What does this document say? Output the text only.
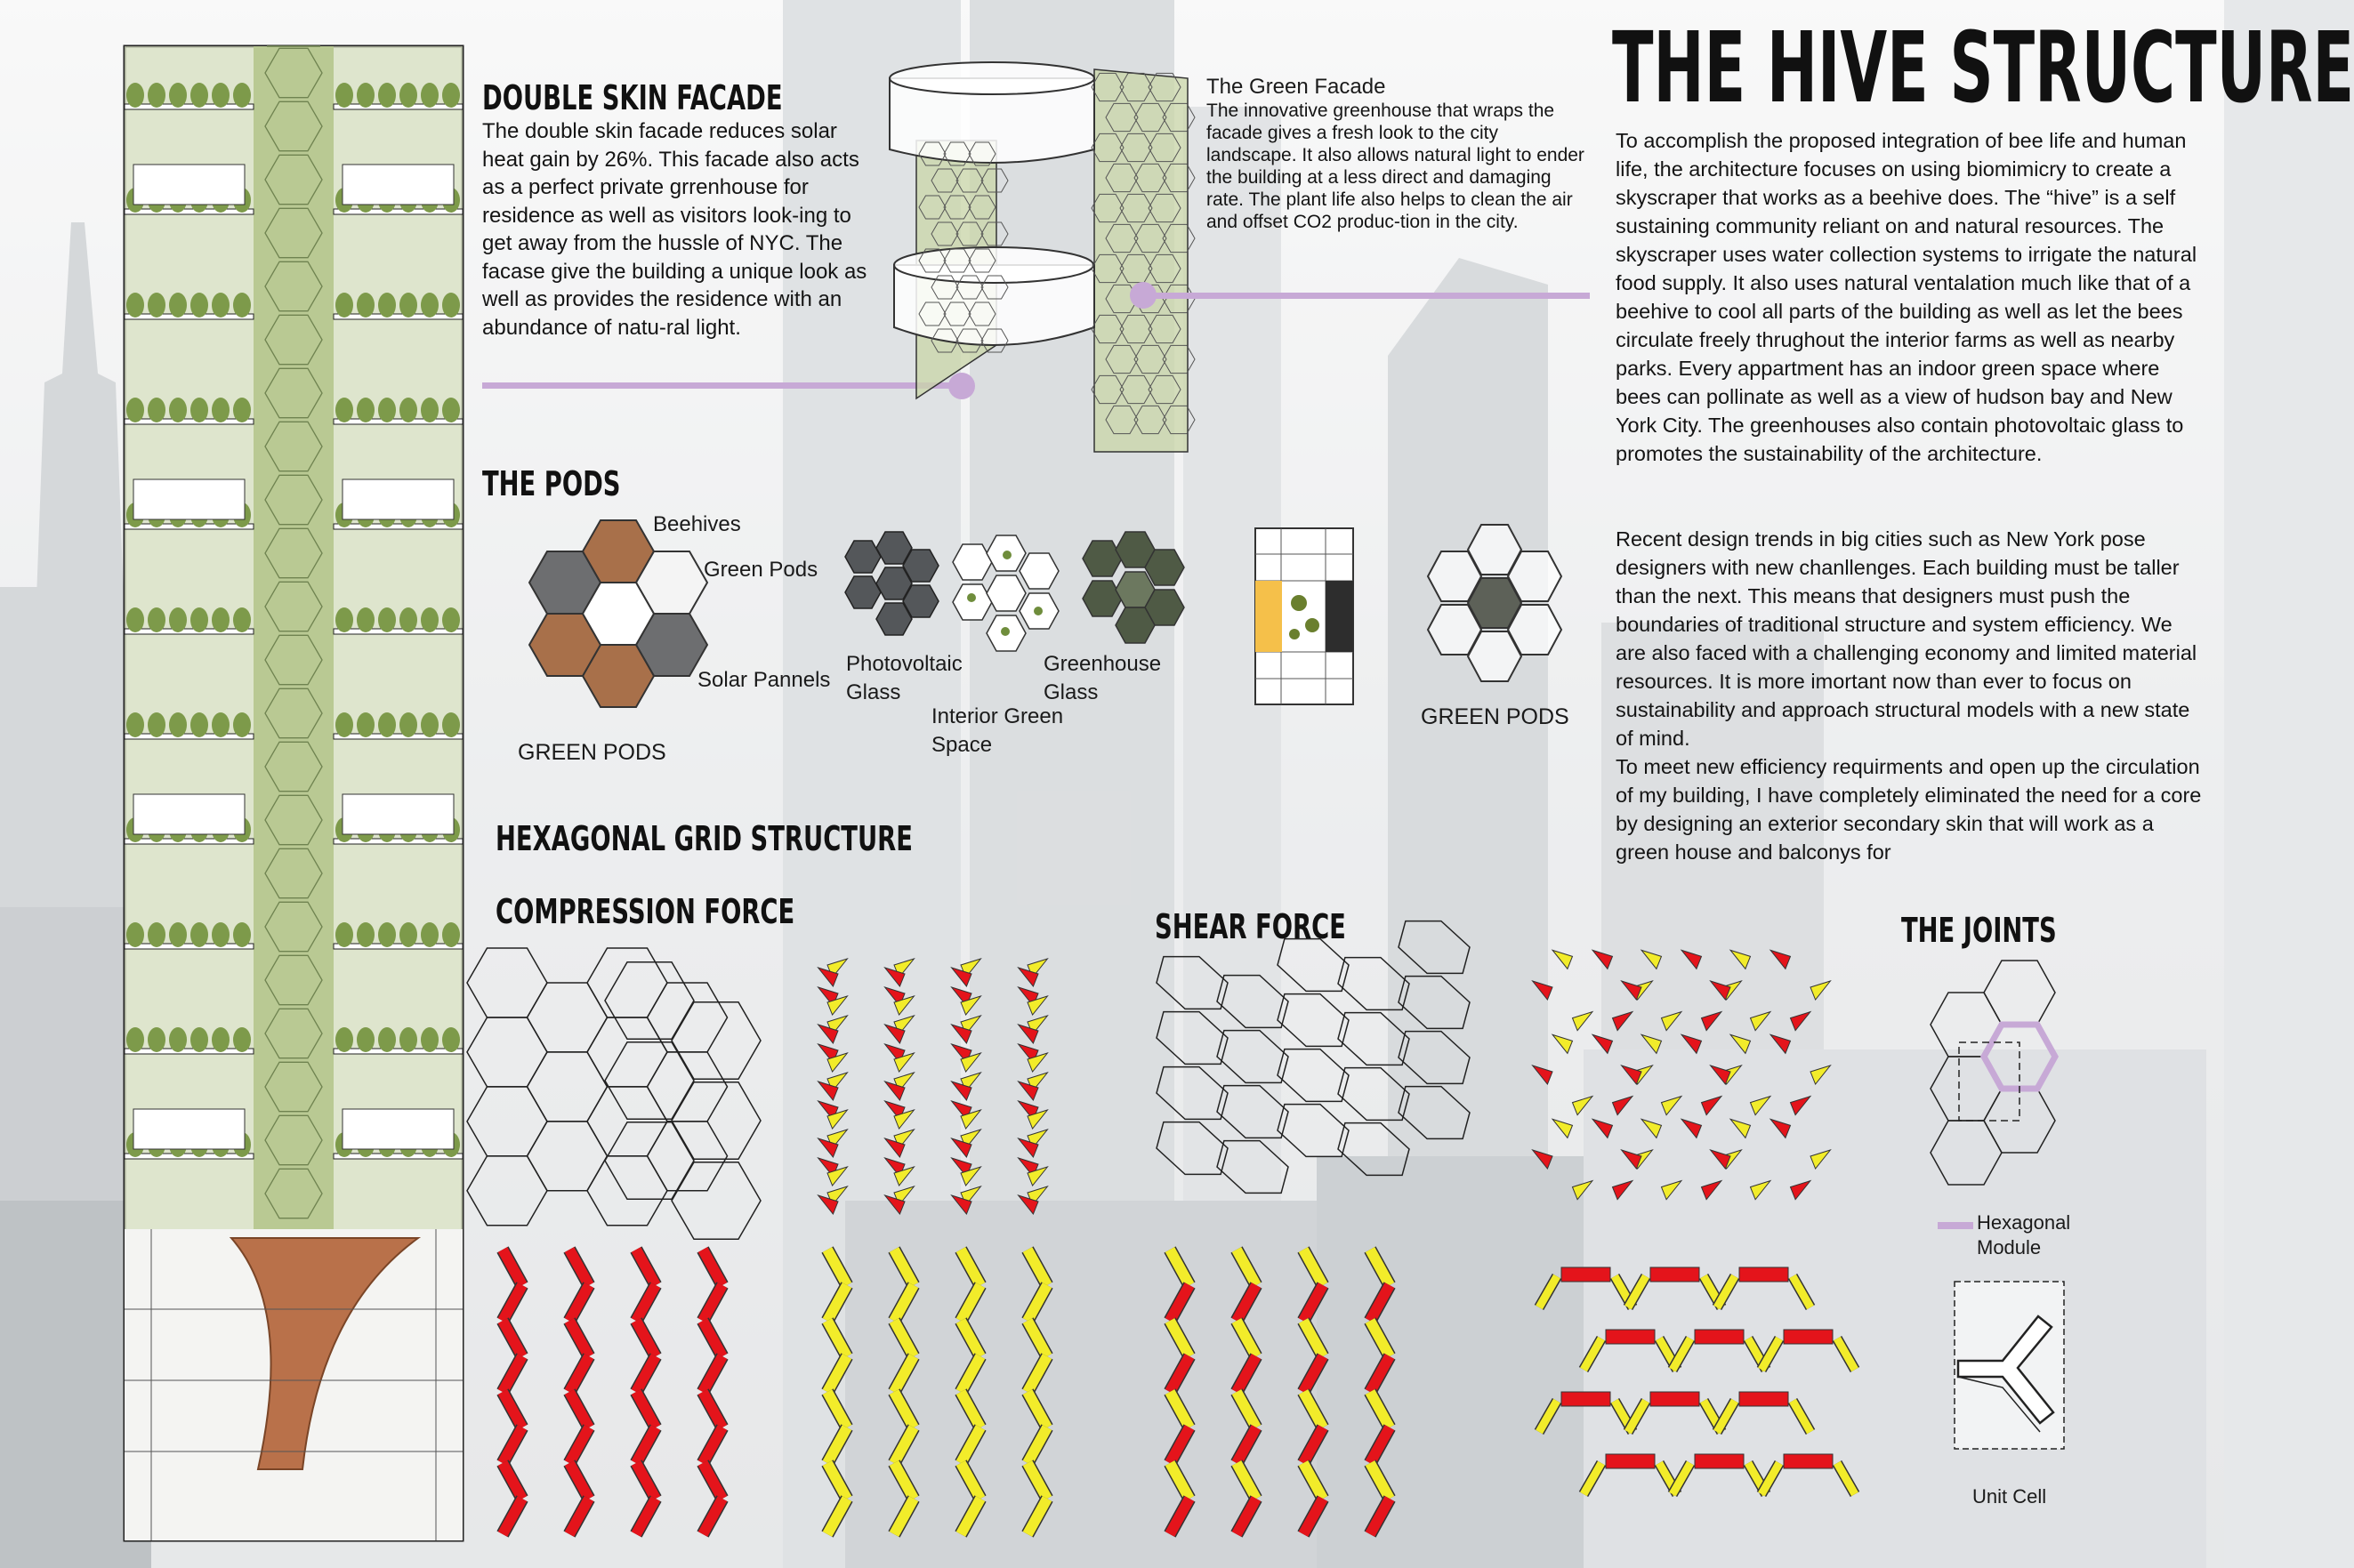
DOUBLE SKIN FACADE
The double skin facade reduces solar heat gain by 26%. This facade also acts as a perfect private grrenhouse for residence as well as visitors look-ing to get away from the hussle of NYC. The facase give the building a unique look as well as provides the residence with an abundance of natu-ral light.
The Green Facade
The innovative greenhouse that wraps the facade gives a fresh look to the city landscape. It also allows natural light to ender the building at a less direct and damaging rate. The plant life also helps to clean the air and offset CO2 produc-tion in the city.
THE HIVE STRUCTURE
To accomplish the proposed integration of bee life and human life, the architecture focuses on using biomimicry to create a skyscraper that works as a beehive does. The “hive” is a self sustaining community reliant on and natural resources. The skyscraper uses water collection systems to irrigate the natural food supply. It also uses natural ventalation much like that of a beehive to cool all parts of the building as well as let the bees circulate freely thrughout the interior farms as well as nearby parks. Every appartment has an indoor green space where bees can pollinate as well as a view of hudson bay and New York City. The greenhouses also contain photovoltaic glass to promotes the sustainability of the architecture.
Recent design trends in big cities such as New York pose designers with new chanllenges. Each building must be taller than the next. This means that designers must push the boundaries of traditional structure and system efficiency. We are also faced with a challenging economy and limited material resources. It is more imortant now than ever to focus on sustainability and approach structural models with a new state of mind.
To meet new efficiency requirments and open up the circulation of my building, I have completely eliminated the need for a core by designing an exterior secondary skin that will work as a green house and balconys for
THE PODS
Beehives
Green Pods
Solar Pannels
GREEN PODS
Photovoltaic Glass
Interior Green Space
Greenhouse Glass
GREEN PODS
HEXAGONAL GRID STRUCTURE
COMPRESSION FORCE	SHEAR FORCE	THE JOINTS
Hexagonal Module
Unit Cell
